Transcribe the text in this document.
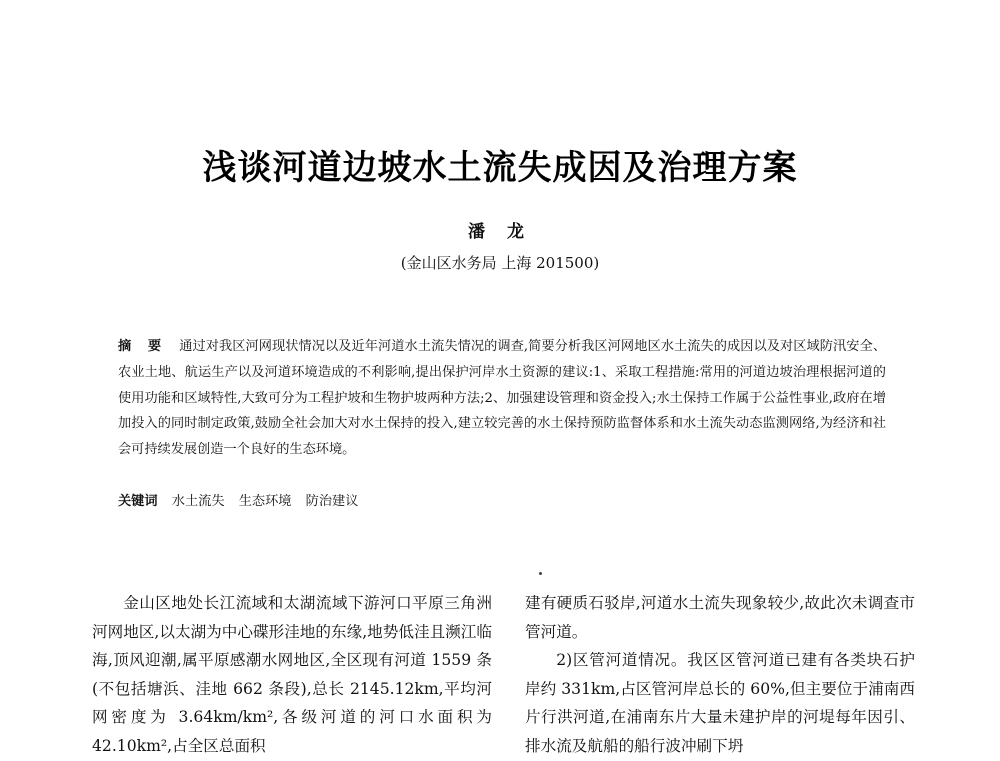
浅谈河道边坡水土流失成因及治理方案
潘 龙
(金山区水务局 上海 201500)
摘 要 通过对我区河网现状情况以及近年河道水土流失情况的调查,简要分析我区河网地区水土流失的成因以及对区域防汛安全、农业土地、航运生产以及河道环境造成的不利影响,提出保护河岸水土资源的建议:1、采取工程措施:常用的河道边坡治理根据河道的使用功能和区域特性,大致可分为工程护坡和生物护坡两种方法;2、加强建设管理和资金投入;水土保持工作属于公益性事业,政府在增加投入的同时制定政策,鼓励全社会加大对水土保持的投入,建立较完善的水土保持预防监督体系和水土流失动态监测网络,为经济和社会可持续发展创造一个良好的生态环境。
关键词 水土流失 生态环境 防治建议

金山区地处长江流域和太湖流域下游河口平原三角洲河网地区,以太湖为中心碟形洼地的东缘,地势低洼且濒江临海,顶风迎潮,属平原感潮水网地区,全区现有河道 1559 条(不包括塘浜、洼地 662 条段),总长 2145.12km,平均河网密度为 3.64km/km²,各级河道的河口水面积为 42.10km²,占全区总面积

建有硬质石驳岸,河道水土流失现象较少,故此次未调查市管河道。

2)区管河道情况。我区区管河道已建有各类块石护岸约 331km,占区管河岸总长的 60%,但主要位于浦南西片行洪河道,在浦南东片大量未建护岸的河堤每年因引、排水流及航船的船行波冲刷下坍
